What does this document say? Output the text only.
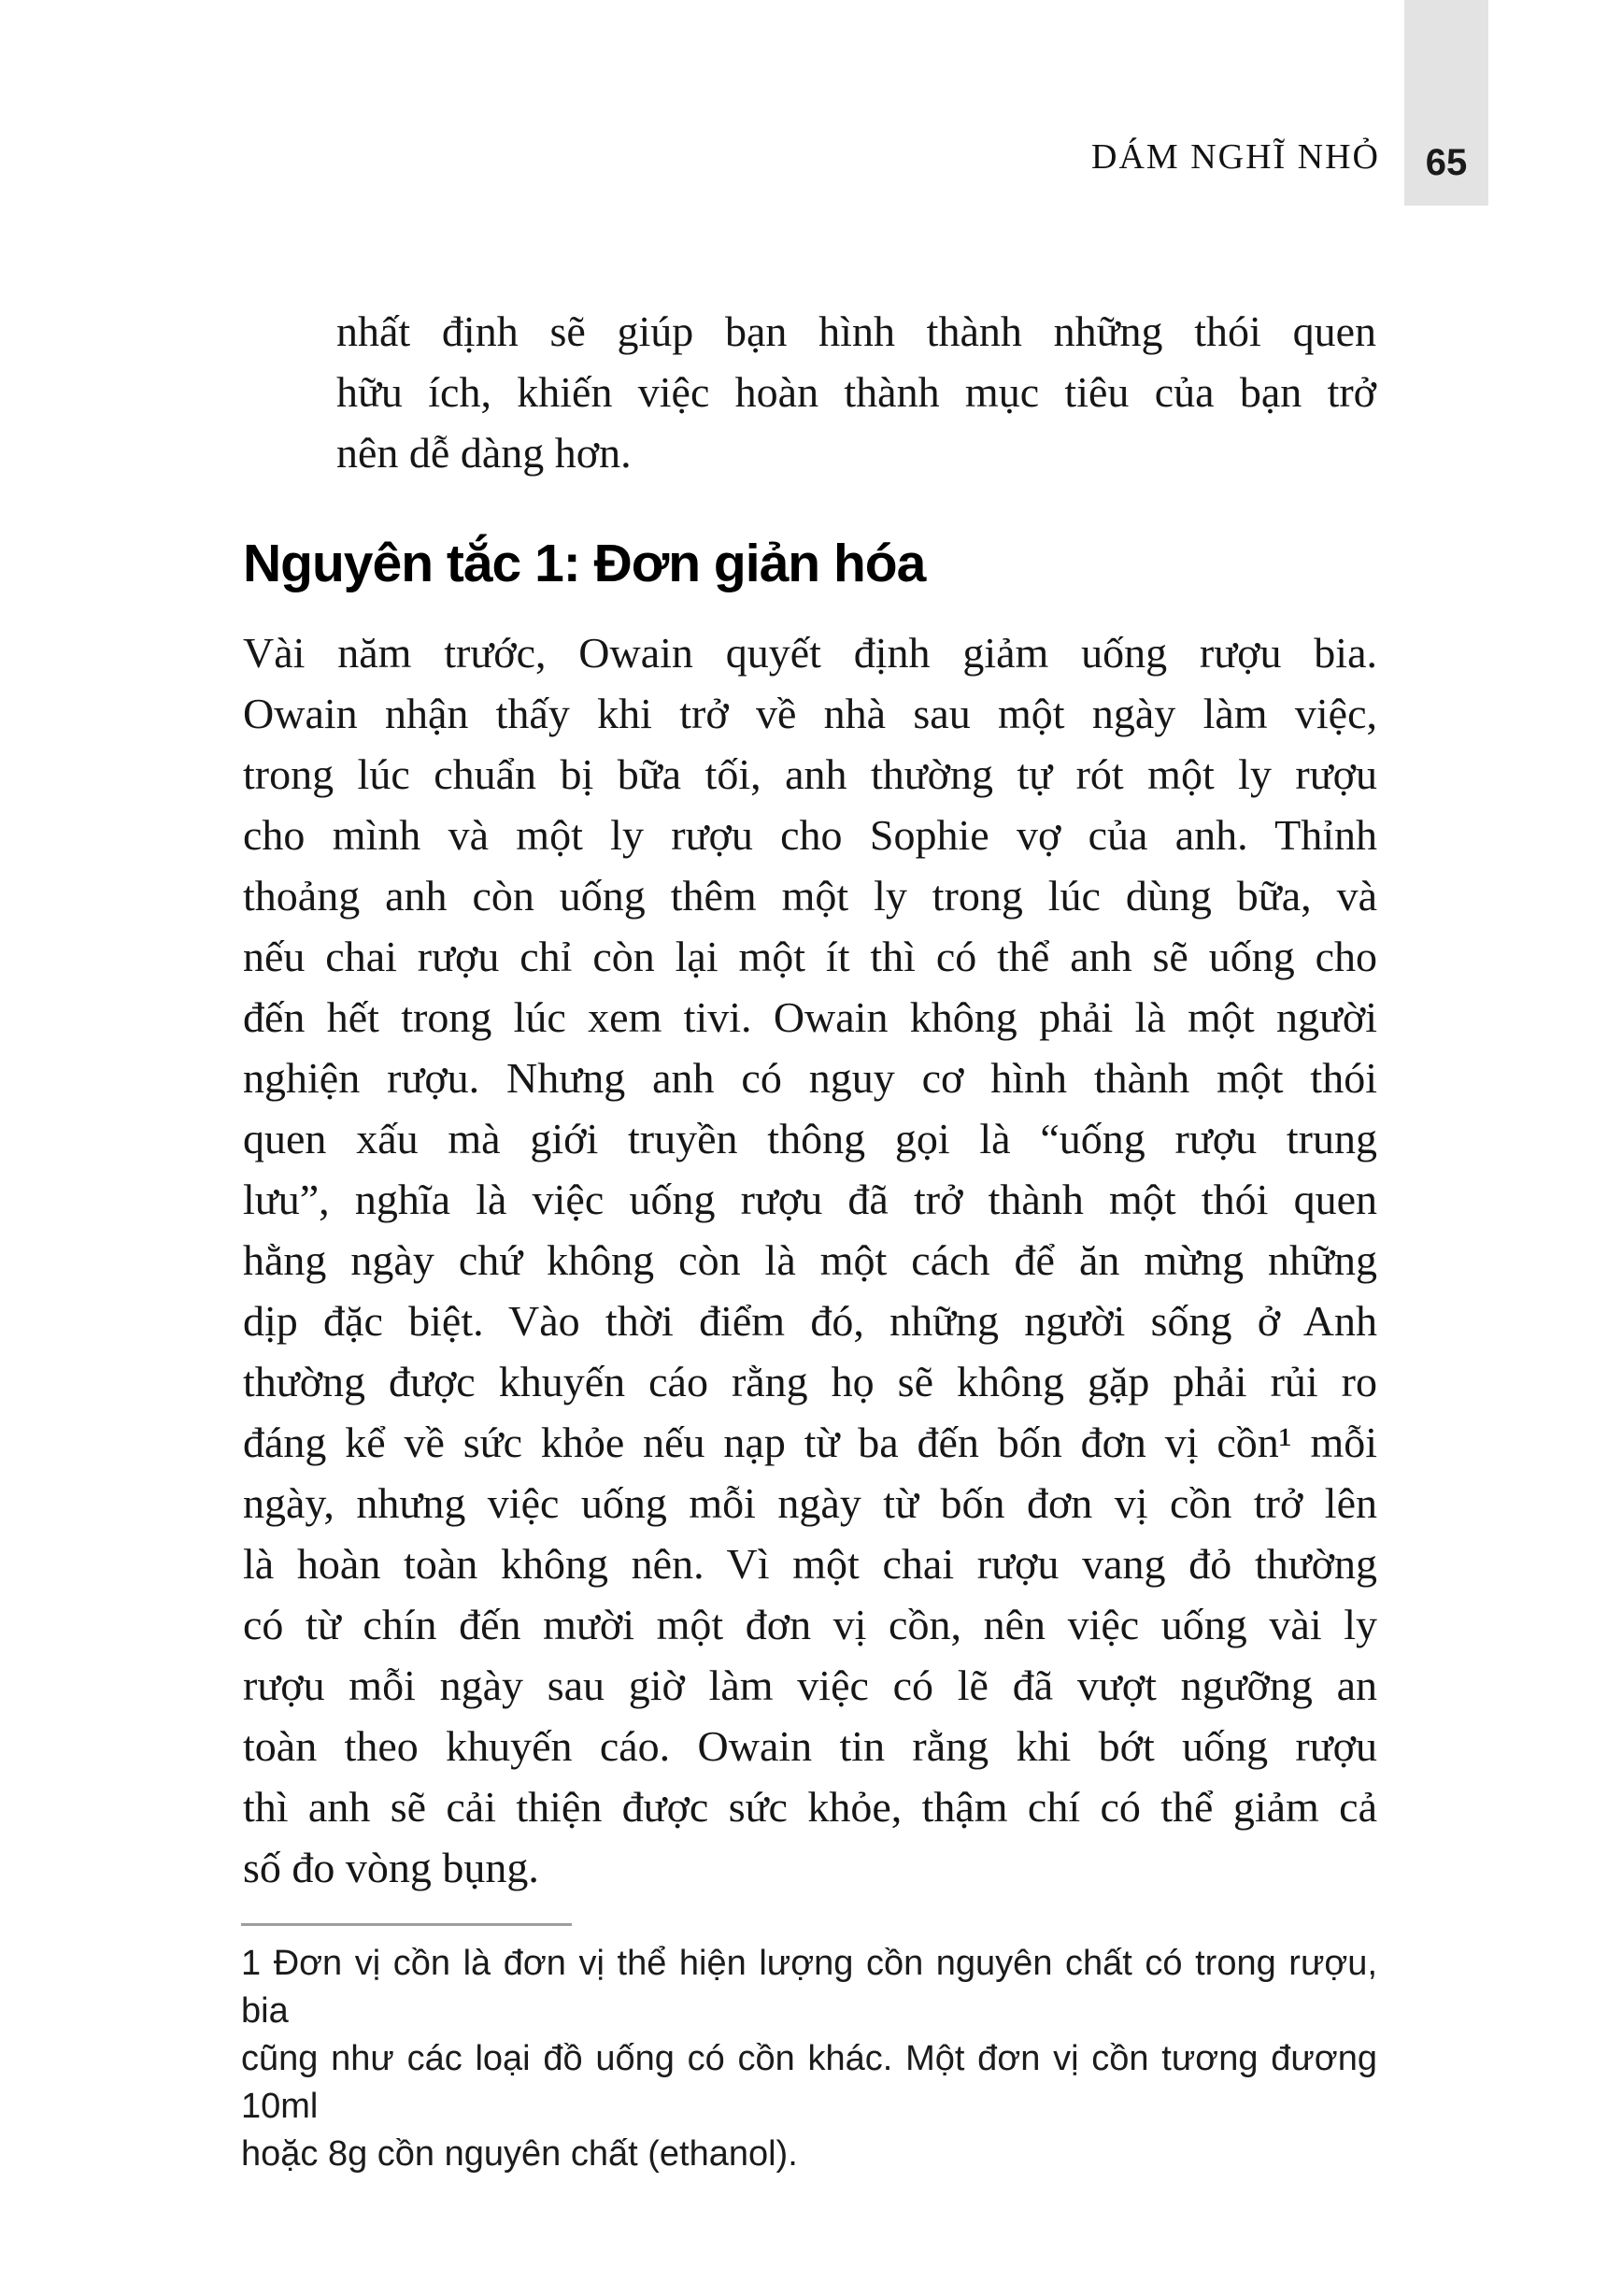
DÁM NGHĨ NHỎ	65
nhất định sẽ giúp bạn hình thành những thói quen
hữu ích, khiến việc hoàn thành mục tiêu của bạn trở
nên dễ dàng hơn.
Nguyên tắc 1: Đơn giản hóa
Vài năm trước, Owain quyết định giảm uống rượu bia.
Owain nhận thấy khi trở về nhà sau một ngày làm việc,
trong lúc chuẩn bị bữa tối, anh thường tự rót một ly rượu
cho mình và một ly rượu cho Sophie vợ của anh. Thỉnh
thoảng anh còn uống thêm một ly trong lúc dùng bữa, và
nếu chai rượu chỉ còn lại một ít thì có thể anh sẽ uống cho
đến hết trong lúc xem tivi. Owain không phải là một người
nghiện rượu. Nhưng anh có nguy cơ hình thành một thói
quen xấu mà giới truyền thông gọi là “uống rượu trung
lưu”, nghĩa là việc uống rượu đã trở thành một thói quen
hằng ngày chứ không còn là một cách để ăn mừng những
dịp đặc biệt. Vào thời điểm đó, những người sống ở Anh
thường được khuyến cáo rằng họ sẽ không gặp phải rủi ro
đáng kể về sức khỏe nếu nạp từ ba đến bốn đơn vị cồn¹ mỗi
ngày, nhưng việc uống mỗi ngày từ bốn đơn vị cồn trở lên
là hoàn toàn không nên. Vì một chai rượu vang đỏ thường
có từ chín đến mười một đơn vị cồn, nên việc uống vài ly
rượu mỗi ngày sau giờ làm việc có lẽ đã vượt ngưỡng an
toàn theo khuyến cáo. Owain tin rằng khi bớt uống rượu
thì anh sẽ cải thiện được sức khỏe, thậm chí có thể giảm cả
số đo vòng bụng.
1 Đơn vị cồn là đơn vị thể hiện lượng cồn nguyên chất có trong rượu, bia
cũng như các loại đồ uống có cồn khác. Một đơn vị cồn tương đương 10ml
hoặc 8g cồn nguyên chất (ethanol).
